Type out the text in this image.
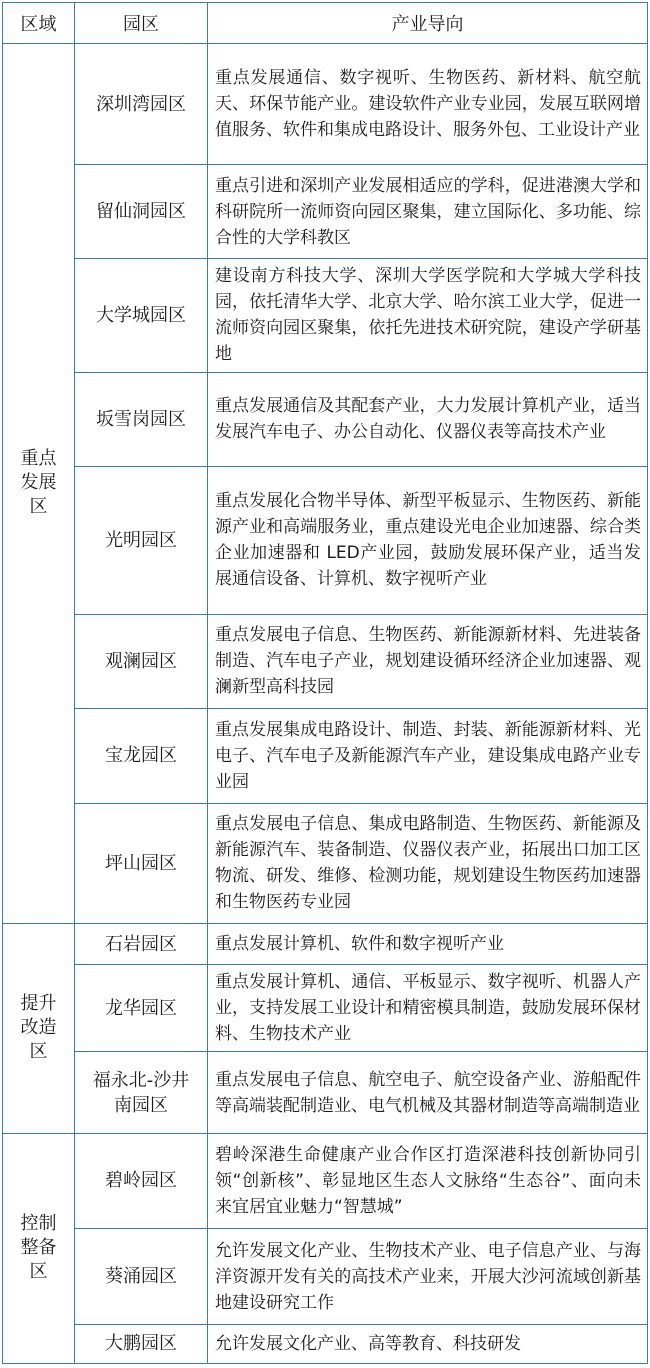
区域	园区	产业导向
重点发展区	深圳湾园区	重点发展通信、数字视听、生物医药、新材料、航空航天、环保节能产业。建设软件产业专业园，发展互联网增值服务、软件和集成电路设计、服务外包、工业设计产业
	留仙洞园区	重点引进和深圳产业发展相适应的学科，促进港澳大学和科研院所一流师资向园区聚集，建立国际化、多功能、综合性的大学科教区
	大学城园区	建设南方科技大学、深圳大学医学院和大学城大学科技园，依托清华大学、北京大学、哈尔滨工业大学，促进一流师资向园区聚集，依托先进技术研究院，建设产学研基地
	坂雪岗园区	重点发展通信及其配套产业，大力发展计算机产业，适当发展汽车电子、办公自动化、仪器仪表等高技术产业
	光明园区	重点发展化合物半导体、新型平板显示、生物医药、新能源产业和高端服务业，重点建设光电企业加速器、综合类企业加速器和 LED产业园，鼓励发展环保产业，适当发展通信设备、计算机、数字视听产业
	观澜园区	重点发展电子信息、生物医药、新能源新材料、先进装备制造、汽车电子产业，规划建设循环经济企业加速器、观澜新型高科技园
	宝龙园区	重点发展集成电路设计、制造、封装、新能源新材料、光电子、汽车电子及新能源汽车产业，建设集成电路产业专业园
	坪山园区	重点发展电子信息、集成电路制造、生物医药、新能源及新能源汽车、装备制造、仪器仪表产业，拓展出口加工区物流、研发、维修、检测功能，规划建设生物医药加速器和生物医药专业园
提升改造区	石岩园区	重点发展计算机、软件和数字视听产业
	龙华园区	重点发展计算机、通信、平板显示、数字视听、机器人产业，支持发展工业设计和精密模具制造，鼓励发展环保材料、生物技术产业
	福永北-沙井南园区	重点发展电子信息、航空电子、航空设备产业、游船配件等高端装配制造业、电气机械及其器材制造等高端制造业
控制整备区	碧岭园区	碧岭深港生命健康产业合作区打造深港科技创新协同引领“创新核”、彰显地区生态人文脉络“生态谷”、面向未来宜居宜业魅力“智慧城”
	葵涌园区	允许发展文化产业、生物技术产业、电子信息产业、与海洋资源开发有关的高技术产业来，开展大沙河流域创新基地建设研究工作
	大鹏园区	允许发展文化产业、高等教育、科技研发
